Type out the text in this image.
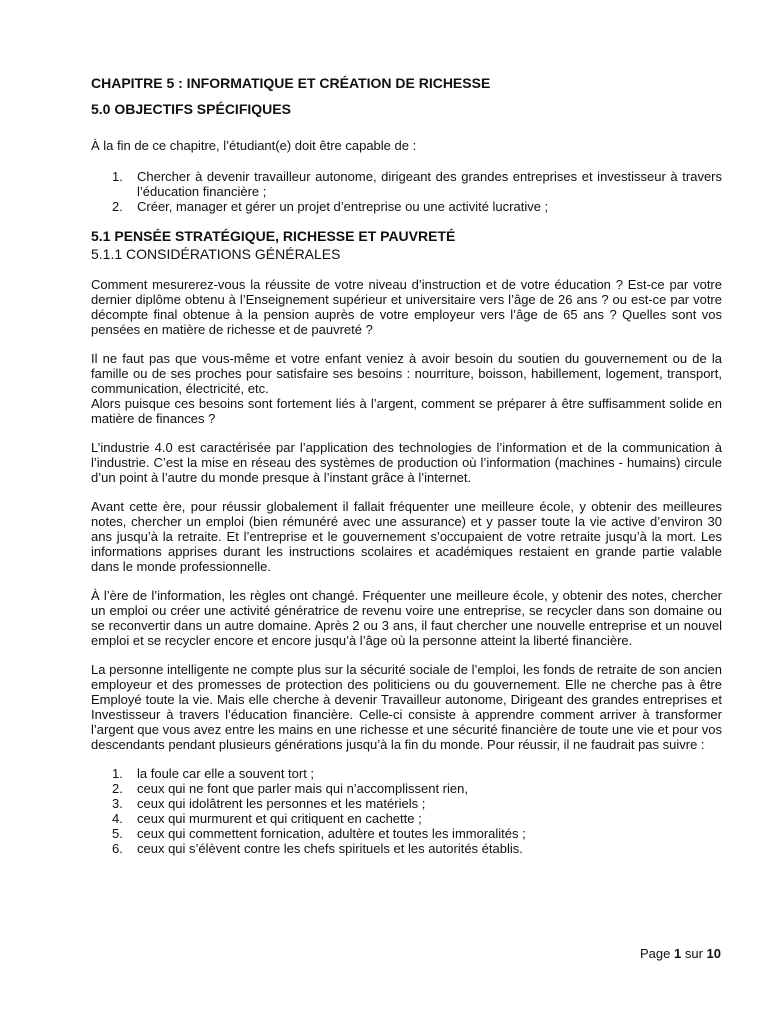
CHAPITRE 5 : INFORMATIQUE ET CRÉATION DE RICHESSE
5.0 OBJECTIFS SPÉCIFIQUES

À la fin de ce chapitre, l’étudiant(e) doit être capable de :

1. Chercher à devenir travailleur autonome, dirigeant des grandes entreprises et investisseur à travers l’éducation financière ;
2. Créer, manager et gérer un projet d’entreprise ou une activité lucrative ;
5.1 PENSÉE STRATÉGIQUE, RICHESSE ET PAUVRETÉ
5.1.1 CONSIDÉRATIONS GÉNÉRALES

Comment mesurerez-vous la réussite de votre niveau d’instruction et de votre éducation ? Est-ce par votre dernier diplôme obtenu à l’Enseignement supérieur et universitaire vers l’âge de 26 ans ? ou est-ce par votre décompte final obtenue à la pension auprès de votre employeur vers l’âge de 65 ans ? Quelles sont vos pensées en matière de richesse et de pauvreté ?

Il ne faut pas que vous-même et votre enfant veniez à avoir besoin du soutien du gouvernement ou de la famille ou de ses proches pour satisfaire ses besoins : nourriture, boisson, habillement, logement, transport, communication, électricité, etc.

Alors puisque ces besoins sont fortement liés à l’argent, comment se préparer à être suffisamment solide en matière de finances ?

L’industrie 4.0 est caractérisée par l’application des technologies de l’information et de la communication à l’industrie. C’est la mise en réseau des systèmes de production où l’information (machines - humains) circule d’un point à l’autre du monde presque à l’instant grâce à l’internet.

Avant cette ère, pour réussir globalement il fallait fréquenter une meilleure école, y obtenir des meilleures notes, chercher un emploi (bien rémunéré avec une assurance) et y passer toute la vie active d’environ 30 ans jusqu’à la retraite. Et l’entreprise et le gouvernement s’occupaient de votre retraite jusqu’à la mort. Les informations apprises durant les instructions scolaires et académiques restaient en grande partie valable dans le monde professionnelle.

À l’ère de l’information, les règles ont changé. Fréquenter une meilleure école, y obtenir des notes, chercher un emploi ou créer une activité génératrice de revenu voire une entreprise, se recycler dans son domaine ou se reconvertir dans un autre domaine. Après 2 ou 3 ans, il faut chercher une nouvelle entreprise et un nouvel emploi et se recycler encore et encore jusqu’à l’âge où la personne atteint la liberté financière.

La personne intelligente ne compte plus sur la sécurité sociale de l’emploi, les fonds de retraite de son ancien employeur et des promesses de protection des politiciens ou du gouvernement. Elle ne cherche pas à être Employé toute la vie. Mais elle cherche à devenir Travailleur autonome, Dirigeant des grandes entreprises et Investisseur à travers l’éducation financière. Celle-ci consiste à apprendre comment arriver à transformer l’argent que vous avez entre les mains en une richesse et une sécurité financière de toute une vie et pour vos descendants pendant plusieurs générations jusqu’à la fin du monde. Pour réussir, il ne faudrait pas suivre :

1. la foule car elle a souvent tort ;
2. ceux qui ne font que parler mais qui n’accomplissent rien,
3. ceux qui idolâtrent les personnes et les matériels ;
4. ceux qui murmurent et qui critiquent en cachette ;
5. ceux qui commettent fornication, adultère et toutes les immoralités ;
6. ceux qui s’élèvent contre les chefs spirituels et les autorités établis.
Page 1 sur 10
